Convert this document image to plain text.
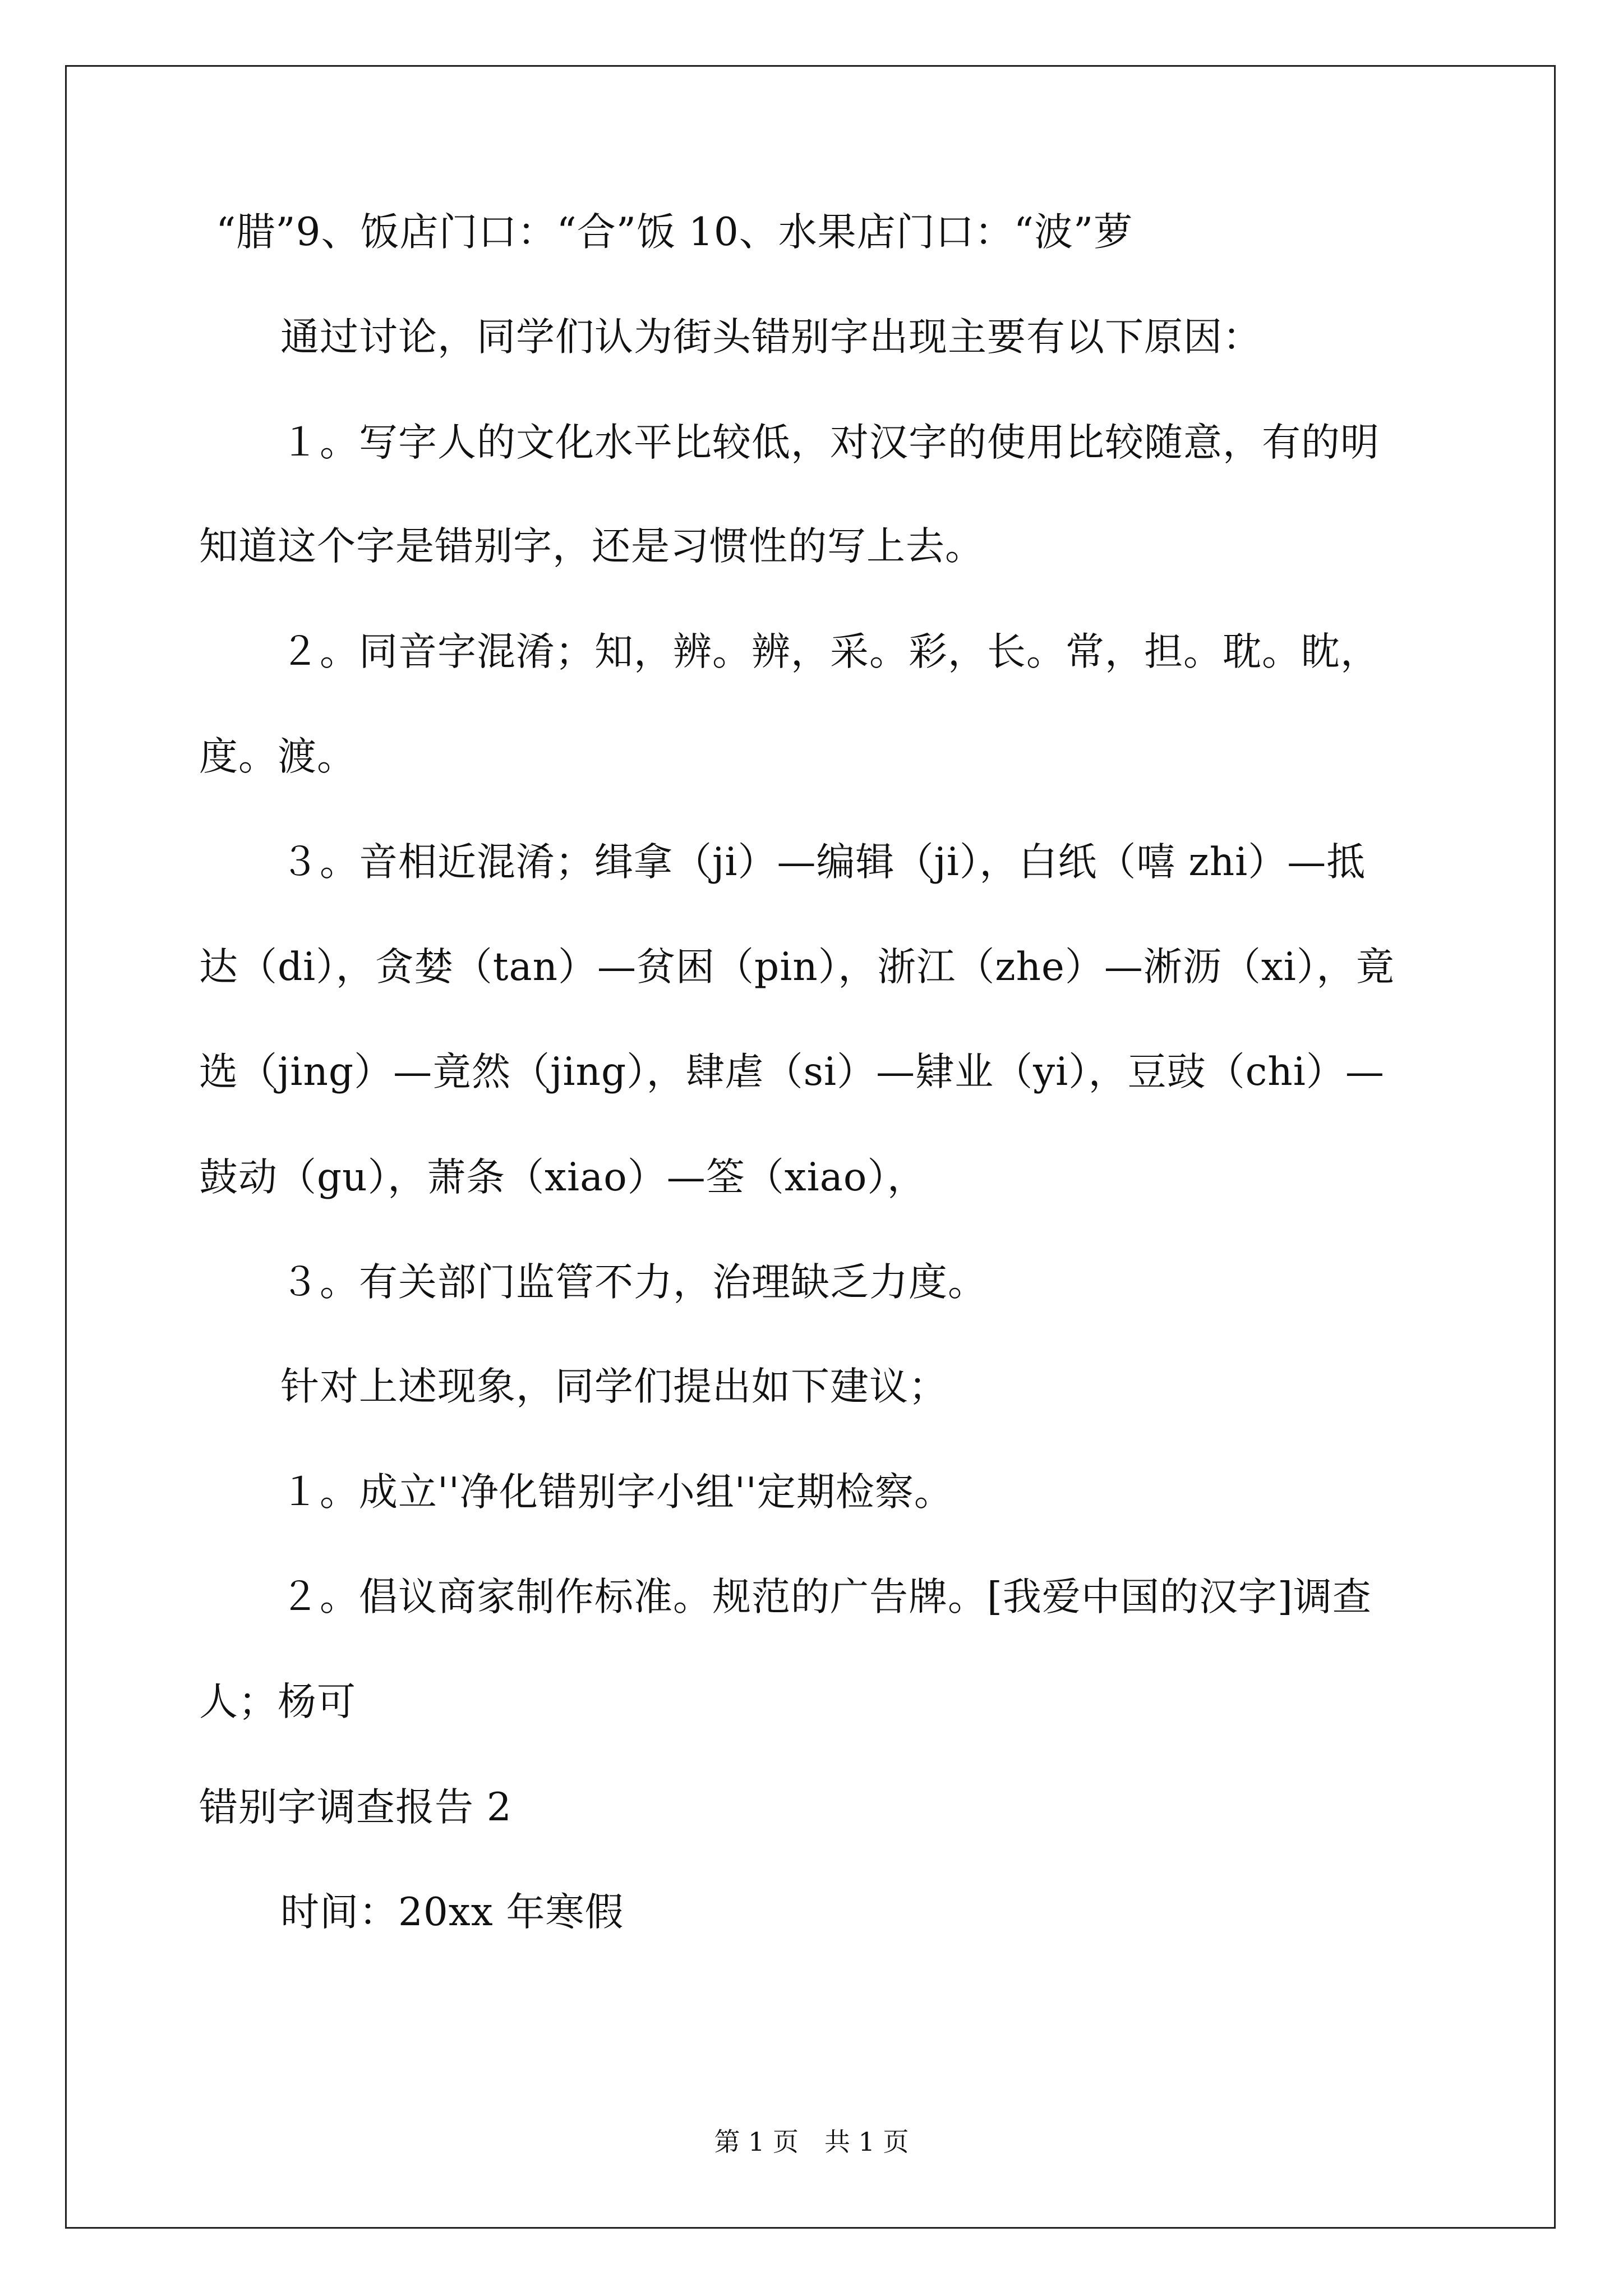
“腊”9、饭店门口：“合”饭 10、水果店门口：“波”萝
通过讨论，同学们认为街头错别字出现主要有以下原因：
１。写字人的文化水平比较低，对汉字的使用比较随意，有的明
知道这个字是错别字，还是习惯性的写上去。
２。同音字混淆；知，辨。辨，采。彩，长。常，担。耽。眈，
度。渡。
３。音相近混淆；缉拿（ji）—编辑（ji），白纸（嘻 zhi）—抵
达（di），贪婪（tan）—贫困（pin），浙江（zhe）—淅沥（xi），竟
选（jing）—竟然（jing），肆虐（si）—肄业（yi），豆豉（chi）—
鼓动（gu），萧条（xiao）—筌（xiao），
３。有关部门监管不力，治理缺乏力度。
针对上述现象，同学们提出如下建议；
１。成立''净化错别字小组''定期检察。
２。倡议商家制作标准。规范的广告牌。[我爱中国的汉字]调查
人；杨可
错别字调查报告 2
时间：20xx 年寒假
第 1 页　共 1 页
